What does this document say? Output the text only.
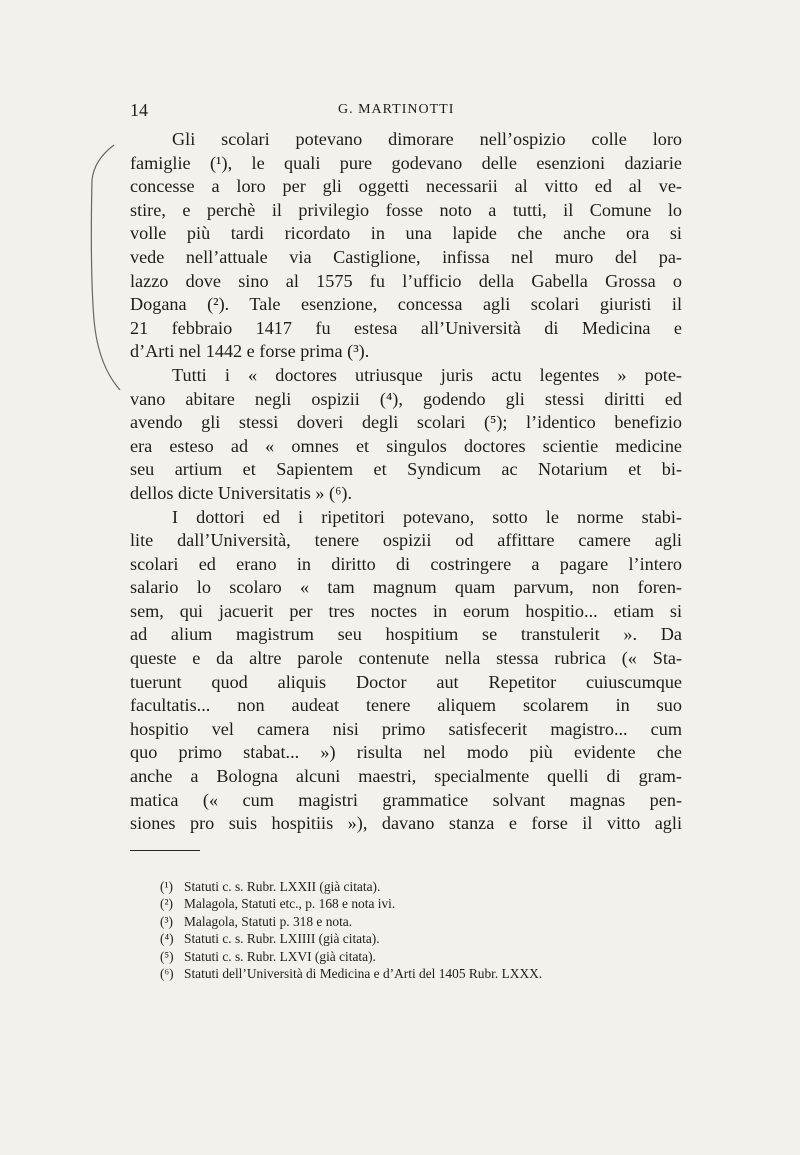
14	G. MARTINOTTI
Gli scolari potevano dimorare nell’ospizio colle loro
famiglie (¹), le quali pure godevano delle esenzioni daziarie
concesse a loro per gli oggetti necessarii al vitto ed al ve-
stire, e perchè il privilegio fosse noto a tutti, il Comune lo
volle più tardi ricordato in una lapide che anche ora si
vede nell’attuale via Castiglione, infissa nel muro del pa-
lazzo dove sino al 1575 fu l’ufficio della Gabella Grossa o
Dogana (²). Tale esenzione, concessa agli scolari giuristi il
21 febbraio 1417 fu estesa all’Università di Medicina e
d’Arti nel 1442 e forse prima (³).
Tutti i « doctores utriusque juris actu legentes » pote-
vano abitare negli ospizii (⁴), godendo gli stessi diritti ed
avendo gli stessi doveri degli scolari (⁵); l’identico benefizio
era esteso ad « omnes et singulos doctores scientie medicine
seu artium et Sapientem et Syndicum ac Notarium et bi-
dellos dicte Universitatis » (⁶).
I dottori ed i ripetitori potevano, sotto le norme stabi-
lite dall’Università, tenere ospizii od affittare camere agli
scolari ed erano in diritto di costringere a pagare l’intero
salario lo scolaro « tam magnum quam parvum, non foren-
sem, qui jacuerit per tres noctes in eorum hospitio... etiam si
ad alium magistrum seu hospitium se transtulerit ». Da
queste e da altre parole contenute nella stessa rubrica (« Sta-
tuerunt quod aliquis Doctor aut Repetitor cuiuscumque
facultatis... non audeat tenere aliquem scolarem in suo
hospitio vel camera nisi primo satisfecerit magistro... cum
quo primo stabat... ») risulta nel modo più evidente che
anche a Bologna alcuni maestri, specialmente quelli di gram-
matica (« cum magistri grammatice solvant magnas pen-
siones pro suis hospitiis »), davano stanza e forse il vitto agli
(¹) Statuti c. s. Rubr. LXXII (già citata).
(²) Malagola, Statuti etc., p. 168 e nota ivi.
(³) Malagola, Statuti p. 318 e nota.
(⁴) Statuti c. s. Rubr. LXIIII (già citata).
(⁵) Statuti c. s. Rubr. LXVI (già citata).
(⁶) Statuti dell’Università di Medicina e d’Arti del 1405 Rubr. LXXX.
